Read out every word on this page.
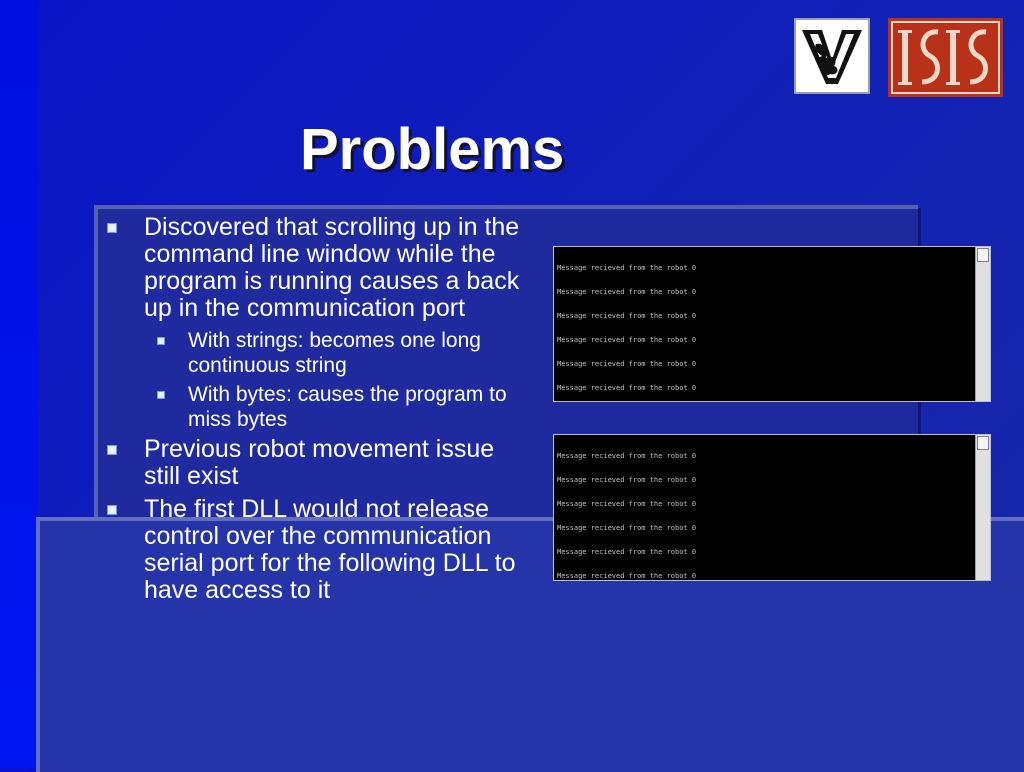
Problems
Discovered that scrolling up in the command line window while the program is running causes a back up in the communication port
With strings: becomes one long continuous string
With bytes: causes the program to miss bytes
Previous robot movement issue still exist
The first DLL would not release control over the communication serial port for the following DLL to have access to it

Message recieved from the robot 0

Message recieved from the robot 0

Message recieved from the robot 0

Message recieved from the robot 0

Message recieved from the robot 0

Message recieved from the robot 0

Message recieved from the robot 0

Message recieved from the robot 0

Message recieved from the robot 0

Message recieved from the robot 0

Message recieved from the robot 0

Message recieved from the robot 0
